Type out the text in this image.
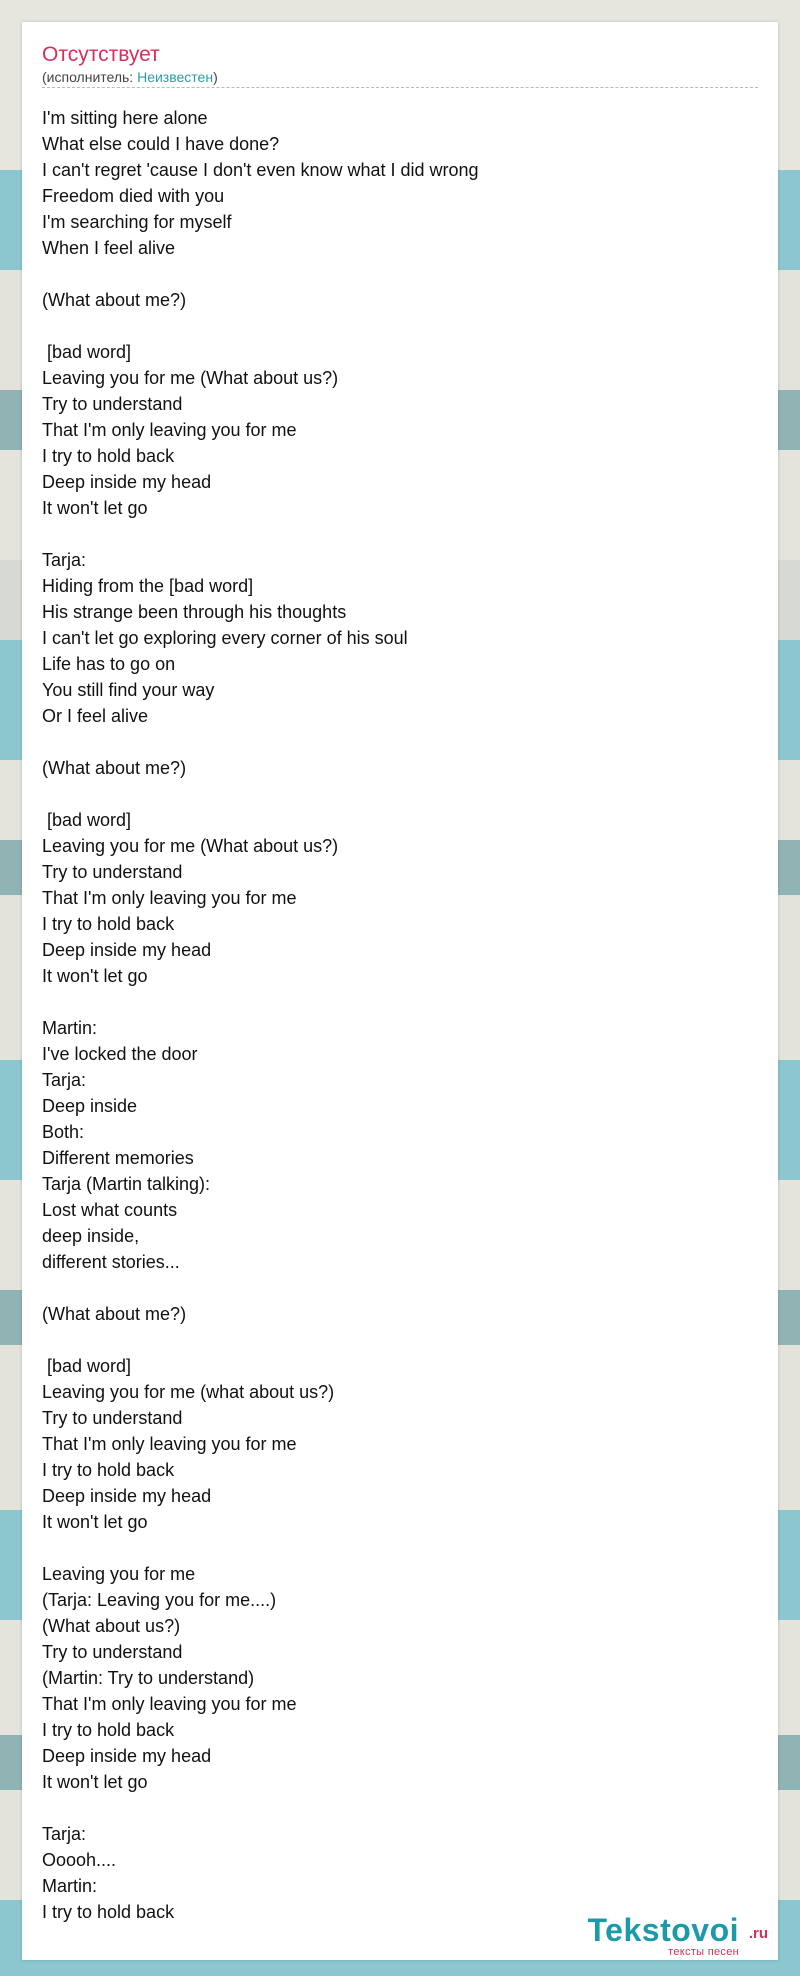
Отсутствует
(исполнитель: Неизвестен)
I'm sitting here alone
What else could I have done?
I can't regret 'cause I don't even know what I did wrong
Freedom died with you
I'm searching for myself
When I feel alive
(What about me?)
[bad word]
Leaving you for me (What about us?)
Try to understand
That I'm only leaving you for me
I try to hold back
Deep inside my head
It won't let go
Tarja:
Hiding from the [bad word]
His strange been through his thoughts
I can't let go exploring every corner of his soul
Life has to go on
You still find your way
Or I feel alive
(What about me?)
[bad word]
Leaving you for me (What about us?)
Try to understand
That I'm only leaving you for me
I try to hold back
Deep inside my head
It won't let go
Martin:
I've locked the door
Tarja:
Deep inside
Both:
Different memories
Tarja (Martin talking):
Lost what counts
deep inside,
different stories...
(What about me?)
[bad word]
Leaving you for me (what about us?)
Try to understand
That I'm only leaving you for me
I try to hold back
Deep inside my head
It won't let go
Leaving you for me
(Tarja: Leaving you for me....)
(What about us?)
Try to understand
(Martin: Try to understand)
That I'm only leaving you for me
I try to hold back
Deep inside my head
It won't let go
Tarja:
Ooooh....
Martin:
I try to hold back	Tekstovoi .ru
тексты песен
